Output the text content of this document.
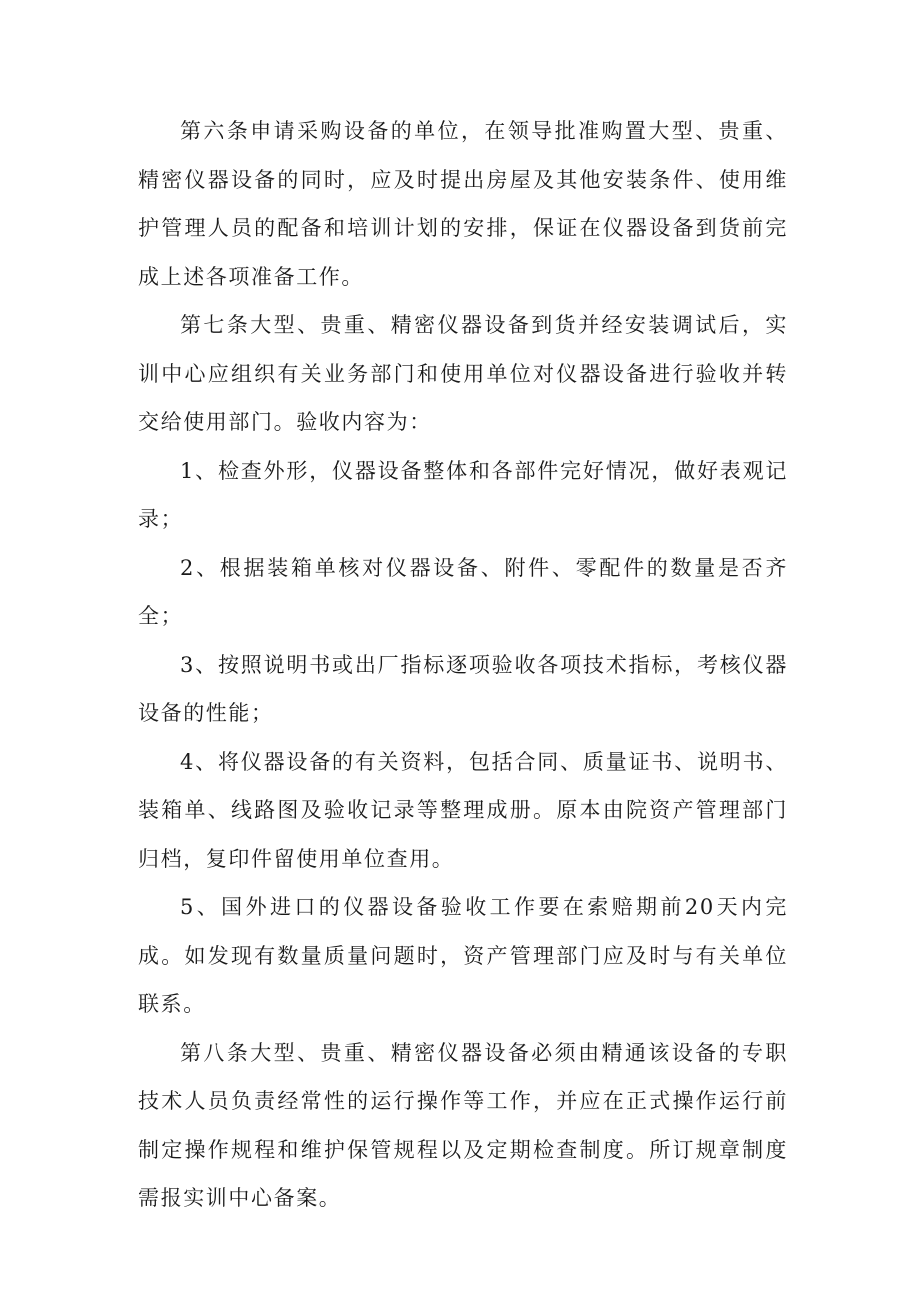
第六条申请采购设备的单位，在领导批准购置大型、贵重、精密仪器设备的同时，应及时提出房屋及其他安装条件、使用维护管理人员的配备和培训计划的安排，保证在仪器设备到货前完成上述各项准备工作。

第七条大型、贵重、精密仪器设备到货并经安装调试后，实训中心应组织有关业务部门和使用单位对仪器设备进行验收并转交给使用部门。验收内容为：

1、检查外形，仪器设备整体和各部件完好情况，做好表观记录；

2、根据装箱单核对仪器设备、附件、零配件的数量是否齐全；

3、按照说明书或出厂指标逐项验收各项技术指标，考核仪器设备的性能；

4、将仪器设备的有关资料，包括合同、质量证书、说明书、装箱单、线路图及验收记录等整理成册。原本由院资产管理部门归档，复印件留使用单位查用。

5、国外进口的仪器设备验收工作要在索赔期前20天内完成。如发现有数量质量问题时，资产管理部门应及时与有关单位联系。

第八条大型、贵重、精密仪器设备必须由精通该设备的专职技术人员负责经常性的运行操作等工作，并应在正式操作运行前制定操作规程和维护保管规程以及定期检查制度。所订规章制度需报实训中心备案。
